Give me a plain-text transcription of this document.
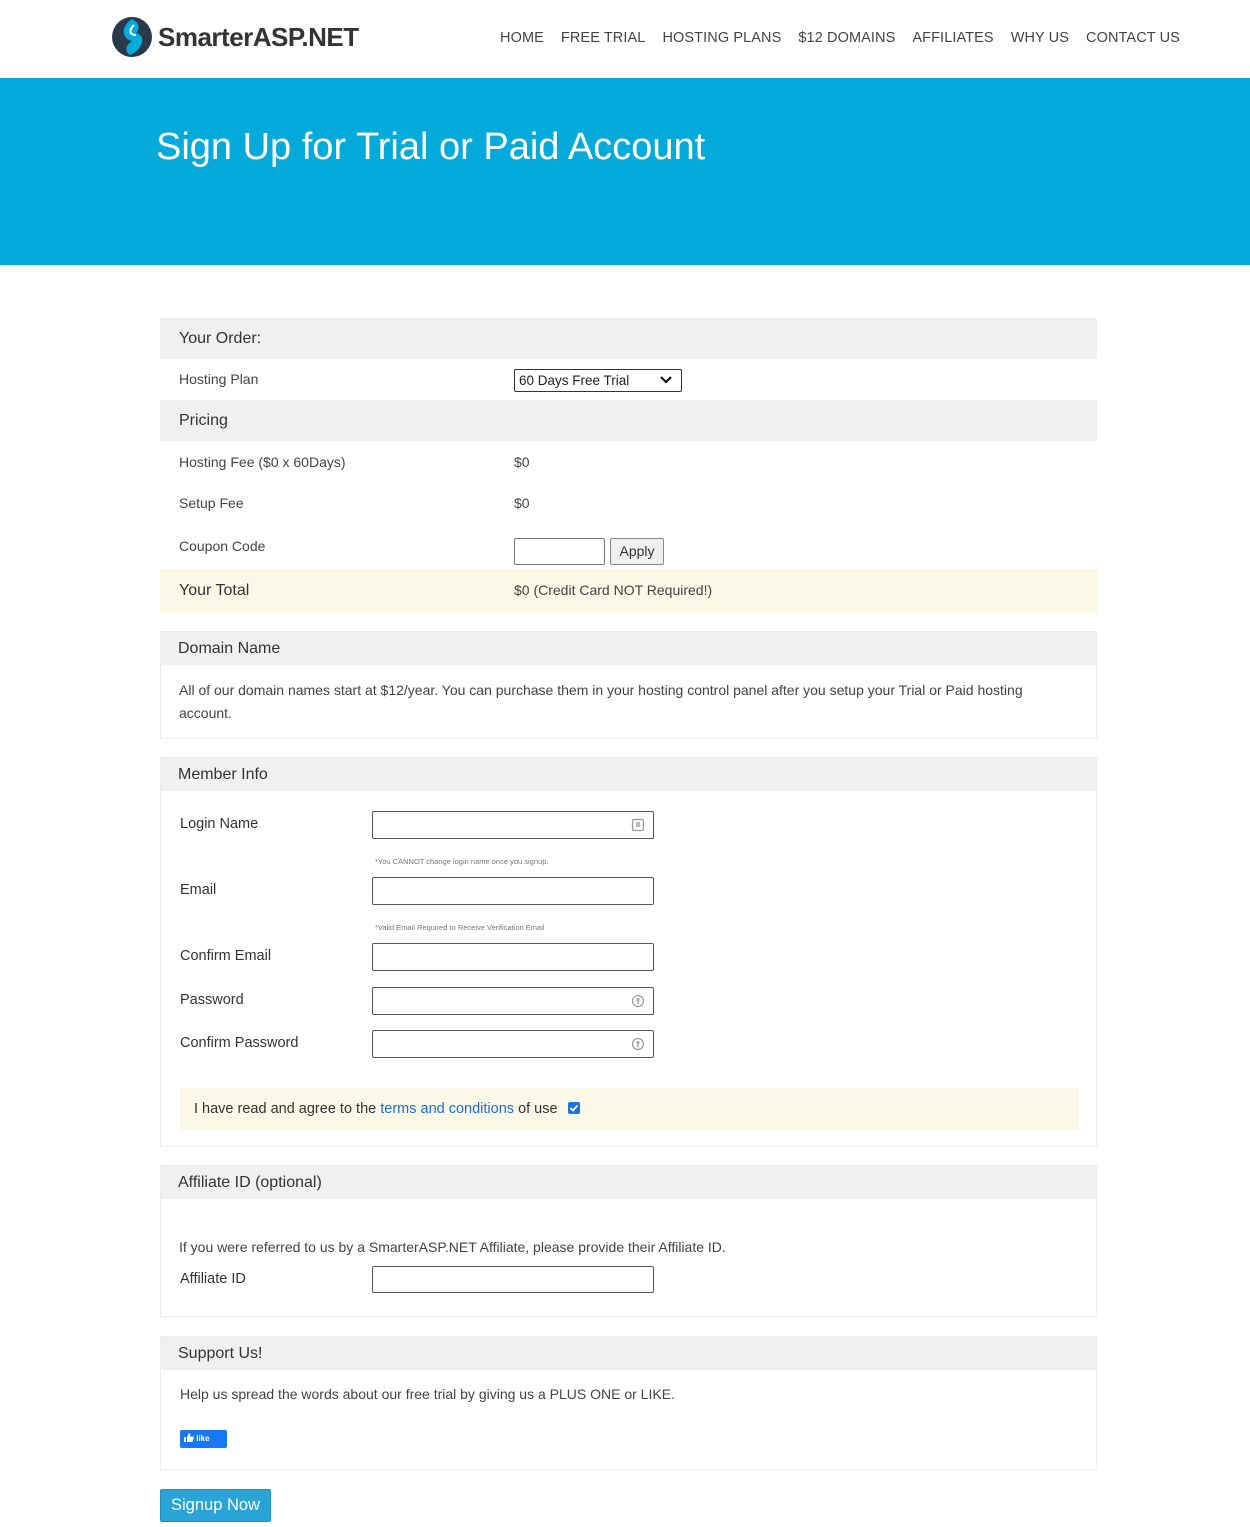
SmarterASP.NET	HOME FREE TRIAL HOSTING PLANS $12 DOMAINS AFFILIATES WHY US CONTACT US
Sign Up for Trial or Paid Account
Your Order:
Hosting Plan	60 Days Free Trial
Pricing
Hosting Fee ($0 x 60Days)	$0
Setup Fee	$0
Coupon Code	Apply
Your Total	$0 (Credit Card NOT Required!)
Domain Name
All of our domain names start at $12/year. You can purchase them in your hosting control panel after you setup your Trial or Paid hosting account.
Member Info
Login Name
*You CANNOT change login name once you signup.
Email
*Valid Email Required to Receive Verification Email
Confirm Email
Password
Confirm Password
I have read and agree to the terms and conditions of use
Affiliate ID (optional)
If you were referred to us by a SmarterASP.NET Affiliate, please provide their Affiliate ID.
Affiliate ID
Support Us!
Help us spread the words about our free trial by giving us a PLUS ONE or LIKE.
like
Signup Now
